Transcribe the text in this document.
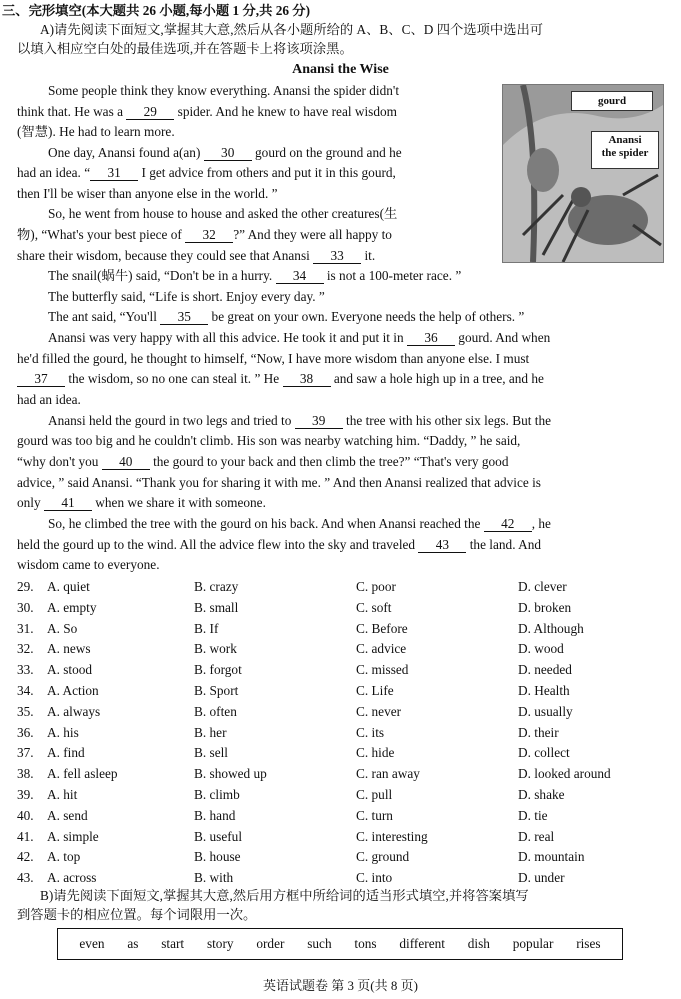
三、完形填空(本大题共 26 小题,每小题 1 分,共 26 分)
A)请先阅读下面短文,掌握其大意,然后从各小题所给的 A、B、C、D 四个选项中选出可
以填入相应空白处的最佳选项,并在答题卡上将该项涂黑。
Anansi the Wise
gourd
Anansi
the spider
Some people think they know everything. Anansi the spider didn't
think that. He was a 29 spider. And he knew to have real wisdom
(智慧). He had to learn more.
One day, Anansi found a(an) 30 gourd on the ground and he
had an idea. “ 31 I get advice from others and put it in this gourd,
then I'll be wiser than anyone else in the world. ”
So, he went from house to house and asked the other creatures(生
物), “What's your best piece of 32 ?” And they were all happy to
share their wisdom, because they could see that Anansi 33 it.
The snail(蜗牛) said, “Don't be in a hurry. 34 is not a 100-meter race. ”
The butterfly said, “Life is short. Enjoy every day. ”
The ant said, “You'll 35 be great on your own. Everyone needs the help of others. ”
Anansi was very happy with all this advice. He took it and put it in 36 gourd. And when
he'd filled the gourd, he thought to himself, “Now, I have more wisdom than anyone else. I must
37 the wisdom, so no one can steal it. ” He 38 and saw a hole high up in a tree, and he
had an idea.
Anansi held the gourd in two legs and tried to 39 the tree with his other six legs. But the
gourd was too big and he couldn't climb. His son was nearby watching him. “Daddy, ” he said,
“why don't you 40 the gourd to your back and then climb the tree?” “That's very good
advice, ” said Anansi. “Thank you for sharing it with me. ” And then Anansi realized that advice is
only 41 when we share it with someone.
So, he climbed the tree with the gourd on his back. And when Anansi reached the 42 , he
held the gourd up to the wind. All the advice flew into the sky and traveled 43 the land. And
wisdom came to everyone.
29. A. quiet	B. crazy	C. poor	D. clever
30. A. empty	B. small	C. soft	D. broken
31. A. So	B. If	C. Before	D. Although
32. A. news	B. work	C. advice	D. wood
33. A. stood	B. forgot	C. missed	D. needed
34. A. Action	B. Sport	C. Life	D. Health
35. A. always	B. often	C. never	D. usually
36. A. his	B. her	C. its	D. their
37. A. find	B. sell	C. hide	D. collect
38. A. fell asleep	B. showed up	C. ran away	D. looked around
39. A. hit	B. climb	C. pull	D. shake
40. A. send	B. hand	C. turn	D. tie
41. A. simple	B. useful	C. interesting	D. real
42. A. top	B. house	C. ground	D. mountain
43. A. across	B. with	C. into	D. under
B)请先阅读下面短文,掌握其大意,然后用方框中所给词的适当形式填空,并将答案填写
到答题卡的相应位置。每个词限用一次。
even as start story order such tons different dish popular rises
英语试题卷 第 3 页(共 8 页)
